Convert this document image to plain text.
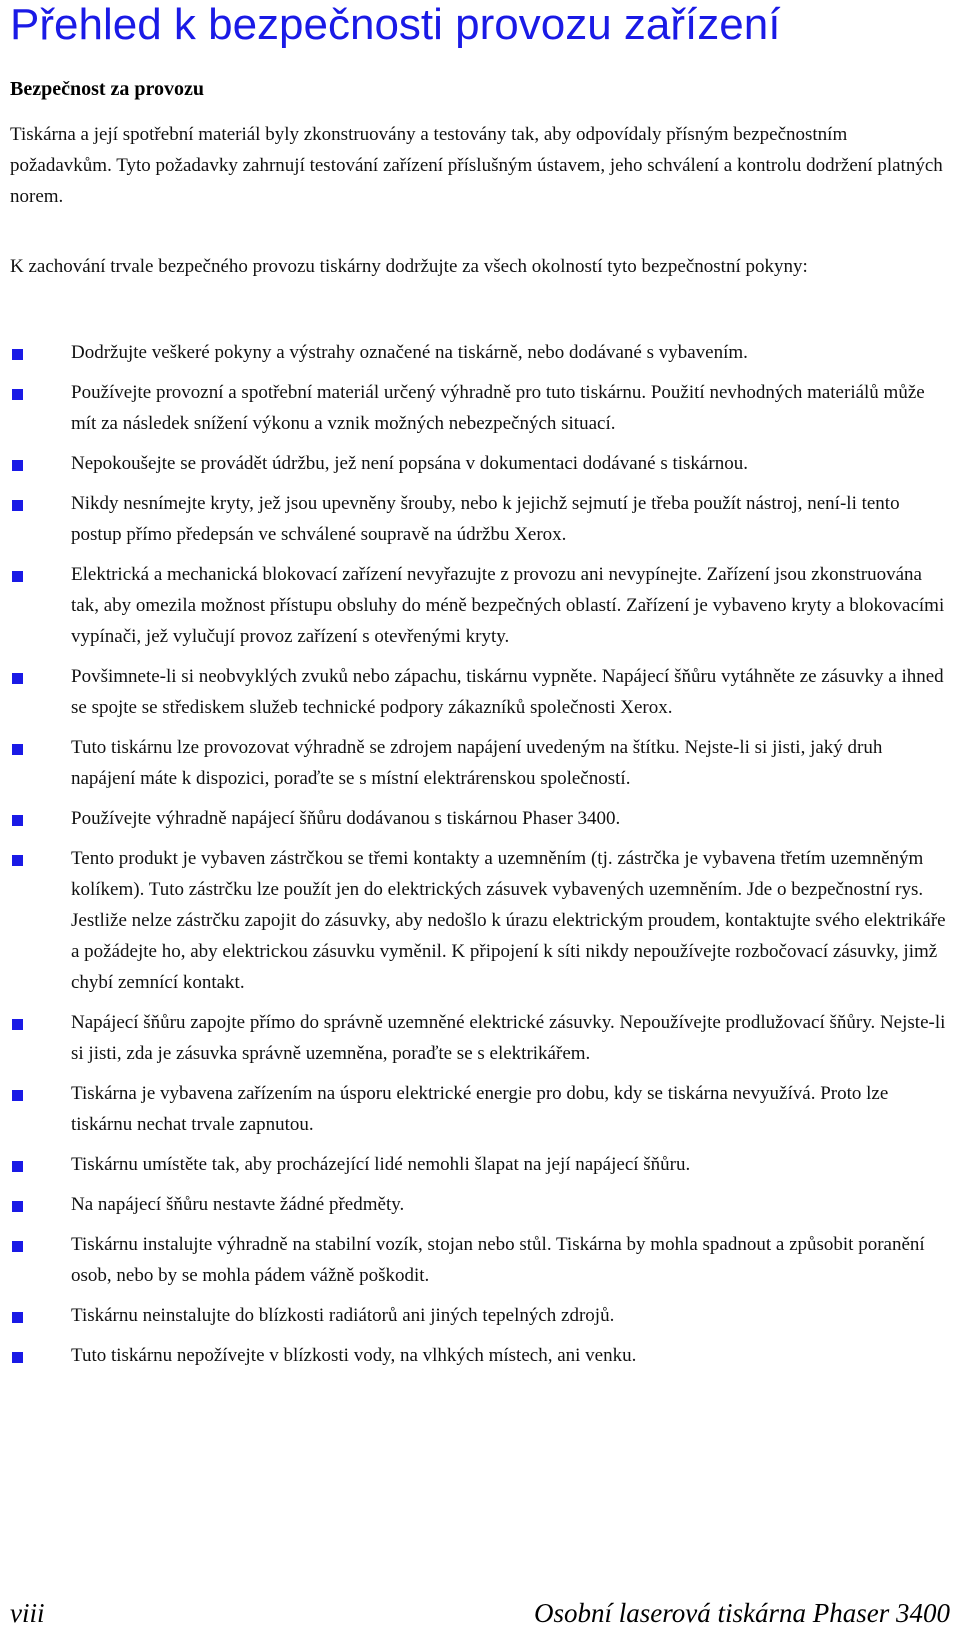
Přehled k bezpečnosti provozu zařízení
Bezpečnost za provozu

Tiskárna a její spotřební materiál byly zkonstruovány a testovány tak, aby odpovídaly přísným bezpečnostním požadavkům. Tyto požadavky zahrnují testování zařízení příslušným ústavem, jeho schválení a kontrolu dodržení platných norem.

K zachování trvale bezpečného provozu tiskárny dodržujte za všech okolností tyto bezpečnostní pokyny:

Dodržujte veškeré pokyny a výstrahy označené na tiskárně, nebo dodávané s vybavením.
Používejte provozní a spotřební materiál určený výhradně pro tuto tiskárnu. Použití nevhodných materiálů může mít za následek snížení výkonu a vznik možných nebezpečných situací.
Nepokoušejte se provádět údržbu, jež není popsána v dokumentaci dodávané s tiskárnou.
Nikdy nesnímejte kryty, jež jsou upevněny šrouby, nebo k jejichž sejmutí je třeba použít nástroj, není-li tento postup přímo předepsán ve schválené soupravě na údržbu Xerox.
Elektrická a mechanická blokovací zařízení nevyřazujte z provozu ani nevypínejte. Zařízení jsou zkonstruována tak, aby omezila možnost přístupu obsluhy do méně bezpečných oblastí. Zařízení je vybaveno kryty a blokovacími vypínači, jež vylučují provoz zařízení s otevřenými kryty.
Povšimnete-li si neobvyklých zvuků nebo zápachu, tiskárnu vypněte. Napájecí šňůru vytáhněte ze zásuvky a ihned se spojte se střediskem služeb technické podpory zákazníků společnosti Xerox.
Tuto tiskárnu lze provozovat výhradně se zdrojem napájení uvedeným na štítku. Nejste-li si jisti, jaký druh napájení máte k dispozici, poraďte se s místní elektrárenskou společností.
Používejte výhradně napájecí šňůru dodávanou s tiskárnou Phaser 3400.
Tento produkt je vybaven zástrčkou se třemi kontakty a uzemněním (tj. zástrčka je vybavena třetím uzemněným kolíkem). Tuto zástrčku lze použít jen do elektrických zásuvek vybavených uzemněním. Jde o bezpečnostní rys. Jestliže nelze zástrčku zapojit do zásuvky, aby nedošlo k úrazu elektrickým proudem, kontaktujte svého elektrikáře a požádejte ho, aby elektrickou zásuvku vyměnil. K připojení k síti nikdy nepoužívejte rozbočovací zásuvky, jimž chybí zemnící kontakt.
Napájecí šňůru zapojte přímo do správně uzemněné elektrické zásuvky. Nepoužívejte prodlužovací šňůry. Nejste-li si jisti, zda je zásuvka správně uzemněna, poraďte se s elektrikářem.
Tiskárna je vybavena zařízením na úsporu elektrické energie pro dobu, kdy se tiskárna nevyužívá. Proto lze tiskárnu nechat trvale zapnutou.
Tiskárnu umístěte tak, aby procházející lidé nemohli šlapat na její napájecí šňůru.
Na napájecí šňůru nestavte žádné předměty.
Tiskárnu instalujte výhradně na stabilní vozík, stojan nebo stůl. Tiskárna by mohla spadnout a způsobit poranění osob, nebo by se mohla pádem vážně poškodit.
Tiskárnu neinstalujte do blízkosti radiátorů ani jiných tepelných zdrojů.
Tuto tiskárnu nepožívejte v blízkosti vody, na vlhkých místech, ani venku.
viii	Osobní laserová tiskárna Phaser 3400
